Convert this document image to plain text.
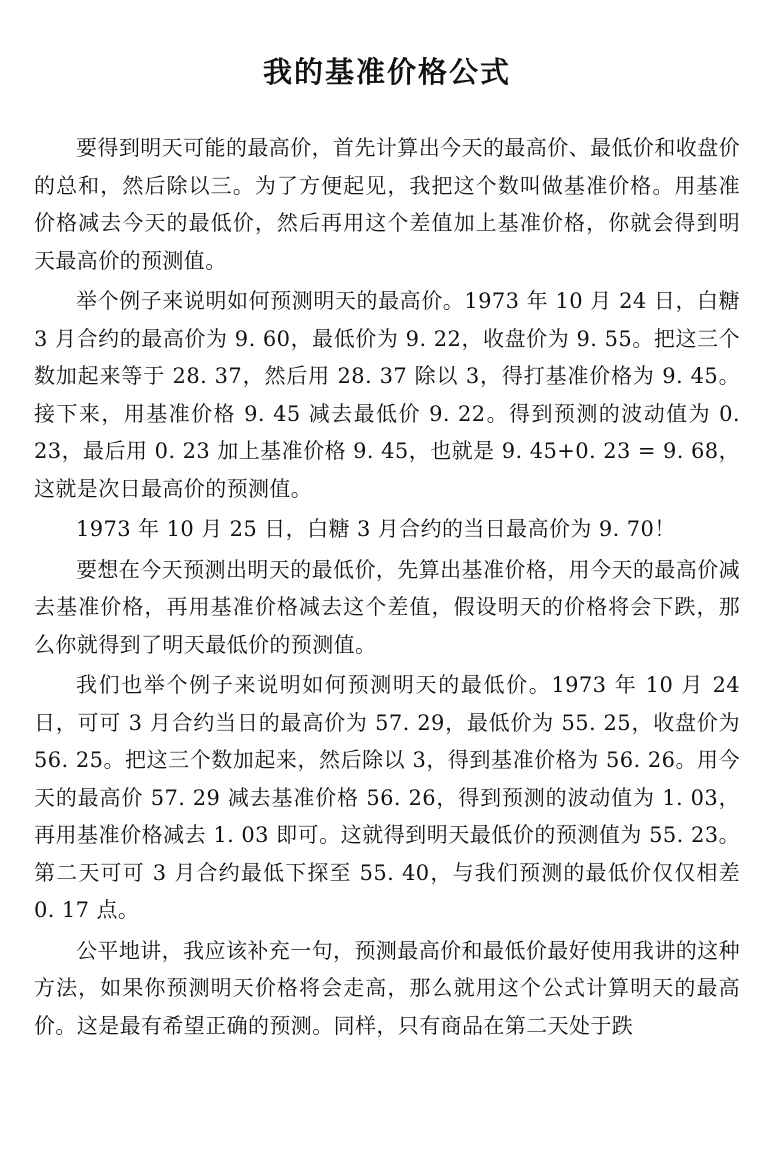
我的基准价格公式

要得到明天可能的最高价，首先计算出今天的最高价、最低价和收盘价的总和，然后除以三。为了方便起见，我把这个数叫做基准价格。用基准价格减去今天的最低价，然后再用这个差值加上基准价格，你就会得到明天最高价的预测值。

举个例子来说明如何预测明天的最高价。1973 年 10 月 24 日，白糖 3 月合约的最高价为 9. 60，最低价为 9. 22，收盘价为 9. 55。把这三个数加起来等于 28. 37，然后用 28. 37 除以 3，得打基准价格为 9. 45。接下来，用基准价格 9. 45 减去最低价 9. 22。得到预测的波动值为 0. 23，最后用 0. 23 加上基准价格 9. 45，也就是 9. 45+0. 23 = 9. 68，这就是次日最高价的预测值。

1973 年 10 月 25 日，白糖 3 月合约的当日最高价为 9. 70！

要想在今天预测出明天的最低价，先算出基准价格，用今天的最高价减去基准价格，再用基准价格减去这个差值，假设明天的价格将会下跌，那么你就得到了明天最低价的预测值。

我们也举个例子来说明如何预测明天的最低价。1973 年 10 月 24 日，可可 3 月合约当日的最高价为 57. 29，最低价为 55. 25，收盘价为 56. 25。把这三个数加起来，然后除以 3，得到基准价格为 56. 26。用今天的最高价 57. 29 减去基准价格 56. 26，得到预测的波动值为 1. 03，再用基准价格减去 1. 03 即可。这就得到明天最低价的预测值为 55. 23。第二天可可 3 月合约最低下探至 55. 40，与我们预测的最低价仅仅相差 0. 17 点。

公平地讲，我应该补充一句，预测最高价和最低价最好使用我讲的这种方法，如果你预测明天价格将会走高，那么就用这个公式计算明天的最高价。这是最有希望正确的预测。同样，只有商品在第二天处于跌
